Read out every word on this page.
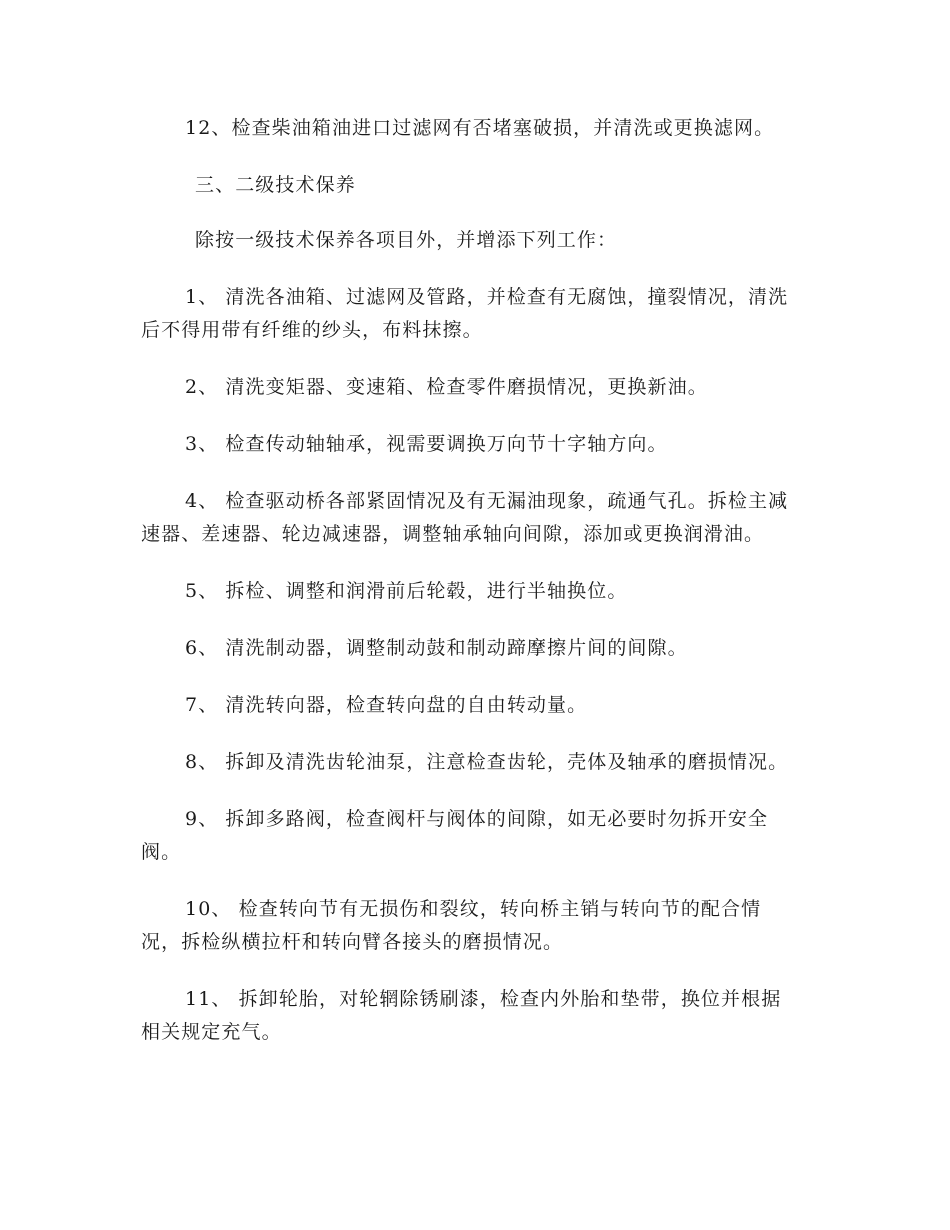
12、检查柴油箱油进口过滤网有否堵塞破损，并清洗或更换滤网。

三、二级技术保养

除按一级技术保养各项目外，并增添下列工作：

1、 清洗各油箱、过滤网及管路，并检查有无腐蚀，撞裂情况，清洗后不得用带有纤维的纱头，布料抹擦。

2、 清洗变矩器、变速箱、检查零件磨损情况，更换新油。

3、 检查传动轴轴承，视需要调换万向节十字轴方向。

4、 检查驱动桥各部紧固情况及有无漏油现象，疏通气孔。拆检主减速器、差速器、轮边减速器，调整轴承轴向间隙，添加或更换润滑油。

5、 拆检、调整和润滑前后轮毂，进行半轴换位。

6、 清洗制动器，调整制动鼓和制动蹄摩擦片间的间隙。

7、 清洗转向器，检查转向盘的自由转动量。

8、 拆卸及清洗齿轮油泵，注意检查齿轮，壳体及轴承的磨损情况。

9、 拆卸多路阀，检查阀杆与阀体的间隙，如无必要时勿拆开安全阀。

10、 检查转向节有无损伤和裂纹，转向桥主销与转向节的配合情况，拆检纵横拉杆和转向臂各接头的磨损情况。

11、 拆卸轮胎，对轮辋除锈刷漆，检查内外胎和垫带，换位并根据相关规定充气。
